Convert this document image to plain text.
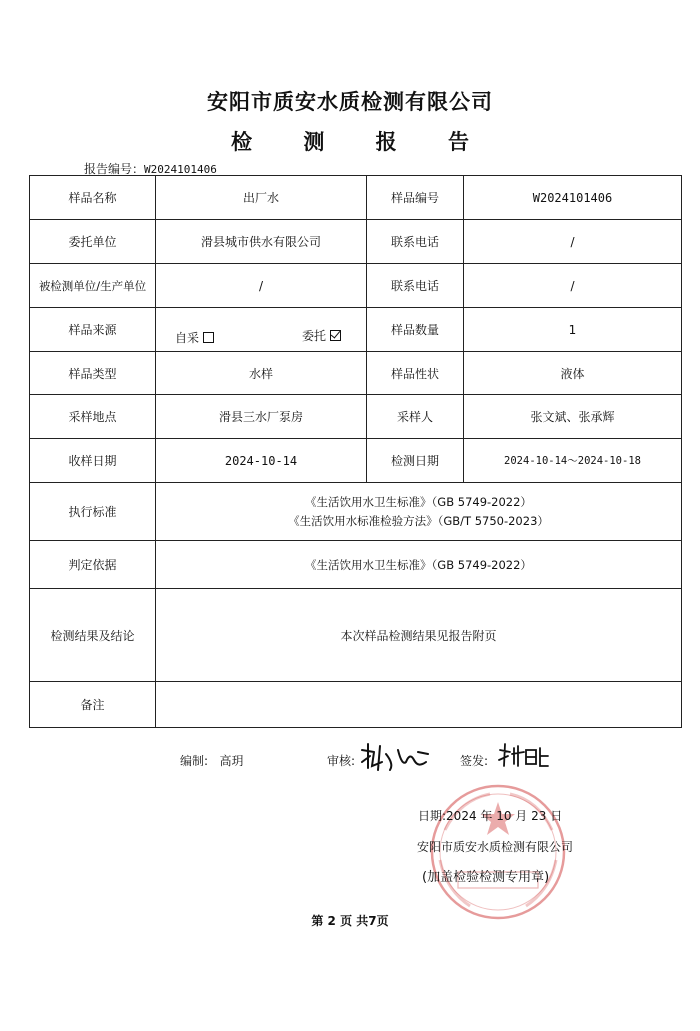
安阳市质安水质检测有限公司
检 测 报 告
报告编号：W2024101406
样品名称	出厂水	样品编号	W2024101406
委托单位	滑县城市供水有限公司	联系电话	/
被检测单位/生产单位	/	联系电话	/
样品来源	自采 委托	样品数量	1
样品类型	水样	样品性状	液体
采样地点	滑县三水厂泵房	采样人	张文斌、张承辉
收样日期	2024-10-14	检测日期	2024-10-14～2024-10-18
执行标准	《生活饮用水卫生标准》（GB 5749-2022）
《生活饮用水标准检验方法》（GB/T 5750-2023）		

判定依据	《生活饮用水卫生标准》（GB 5749-2022）		
检测结果及结论	本次样品检测结果见报告附页		
备注			
编制: 高玥	审核:	签发:
日期:2024 年 10 月 23 日
安阳市质安水质检测有限公司
(加盖检验检测专用章)
第 2 页 共7页
